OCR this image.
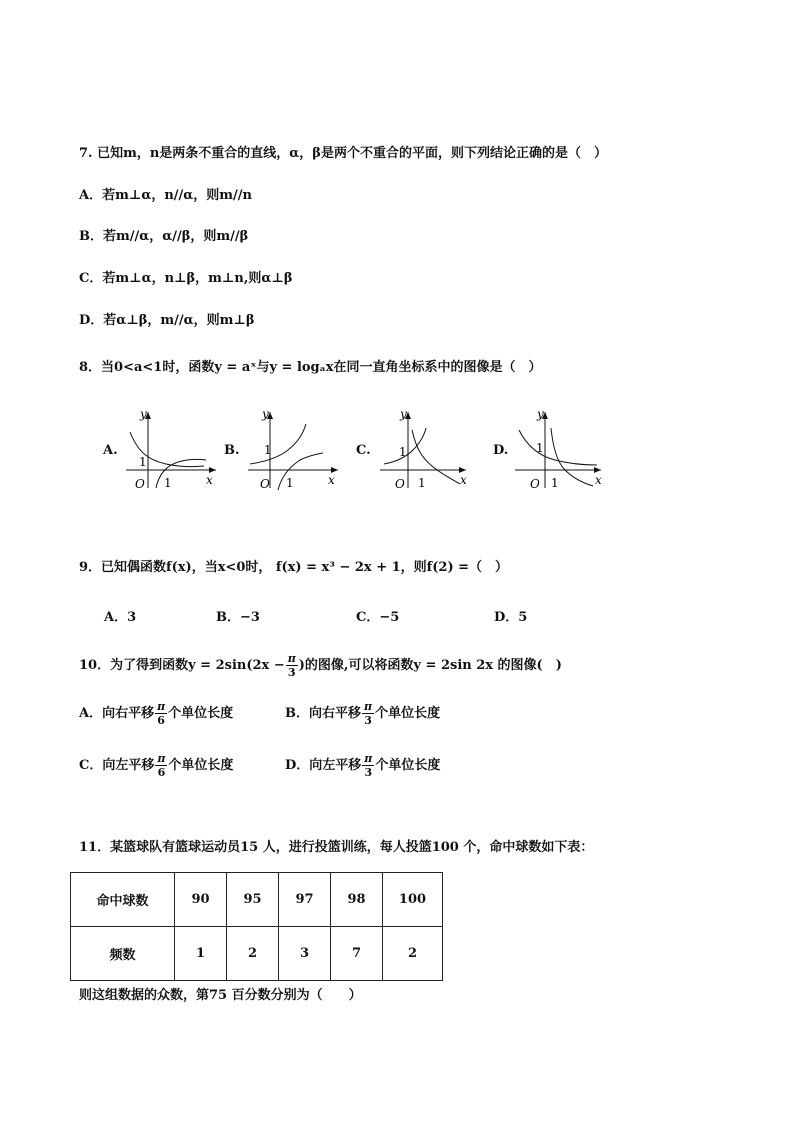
7. 已知m，n是两条不重合的直线，α，β是两个不重合的平面，则下列结论正确的是（　）
A．若m⊥α，n//α，则m//n
B．若m//α，α//β，则m//β
C．若m⊥α，n⊥β，m⊥n,则α⊥β
D．若α⊥β，m//α，则m⊥β
8．当0<a<1时，函数y = aˣ与y = logₐx在同一直角坐标系中的图像是（　）
A.
y
x
O 1
1
B.
y
x
O 1
1	C.
y
x
O 1
1	D.
y
x
O 1
1
9．已知偶函数f(x)，当x<0时， f(x) = x³ − 2x + 1，则f(2) =（　）
A．3	B．−3	C．−5	D．5
10．为了得到函数$y = 2\sin(2x - \frac{\pi}{3}$ )的图像,可以将函数y = 2sin 2x 的图像(　)
A．向右平移 $\frac{\pi}{6}$ 个单位长度	B．向右平移 $\frac{\pi}{3}$ 个单位长度
C．向左平移 $\frac{\pi}{6}$ 个单位长度	D．向左平移 $\frac{\pi}{3}$ 个单位长度
11．某篮球队有篮球运动员15 人，进行投篮训练，每人投篮100 个，命中球数如下表：
命中球数	90	95	97	98	100
频数	1	2	3	7	2
则这组数据的众数，第75 百分数分别为（　　）
